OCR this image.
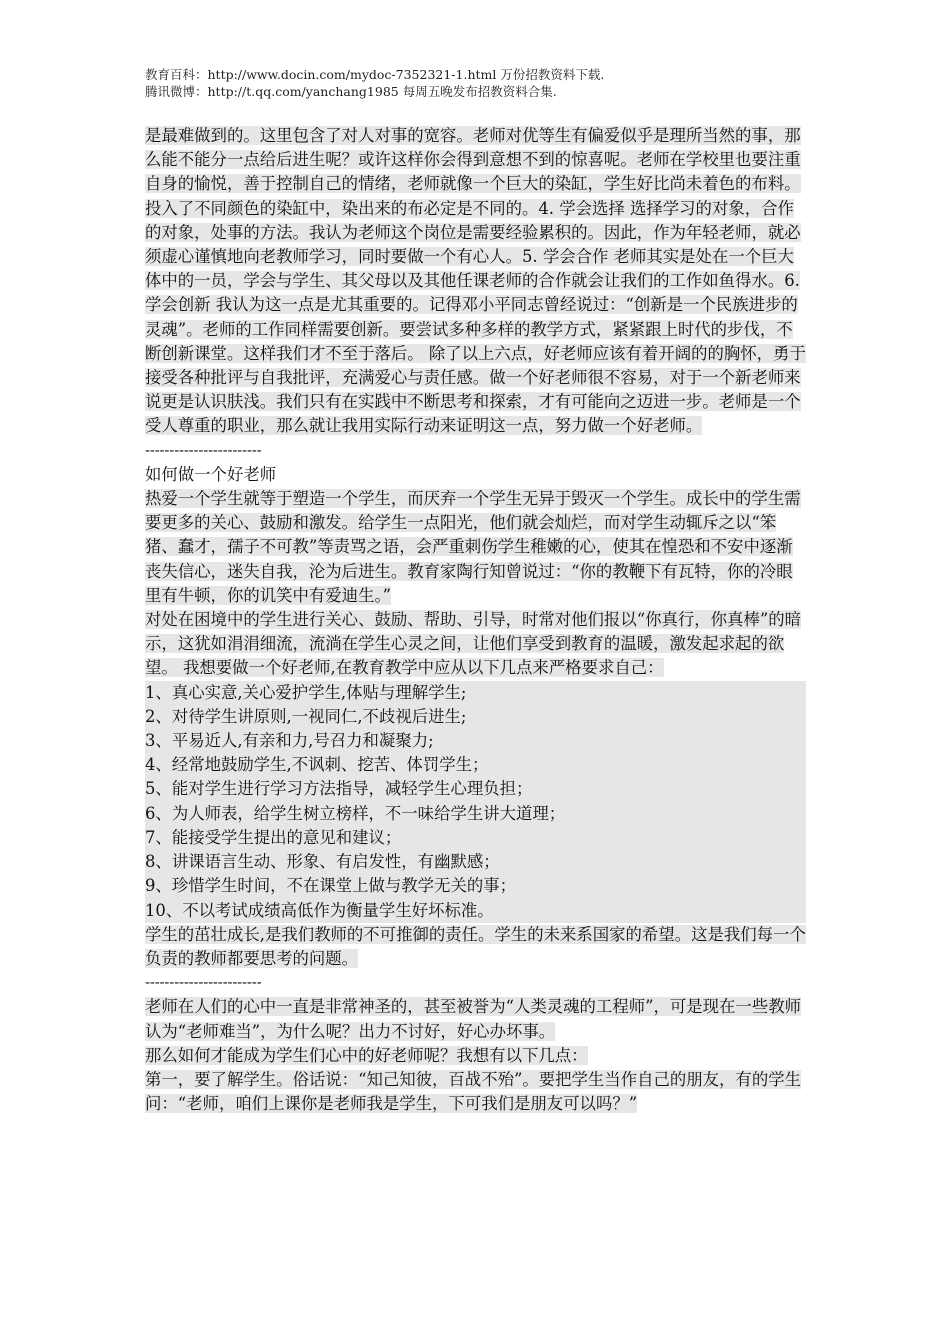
教育百科：http://www.docin.com/mydoc-7352321-1.html 万份招教资料下载.
腾讯微博：http://t.qq.com/yanchang1985 每周五晚发布招教资料合集.

是最难做到的。这里包含了对人对事的宽容。老师对优等生有偏爱似乎是理所当然的事，那么能不能分一点给后进生呢？或许这样你会得到意想不到的惊喜呢。老师在学校里也要注重自身的愉悦，善于控制自己的情绪，老师就像一个巨大的染缸，学生好比尚未着色的布料。投入了不同颜色的染缸中，染出来的布必定是不同的。4. 学会选择 选择学习的对象，合作的对象，处事的方法。我认为老师这个岗位是需要经验累积的。因此，作为年轻老师，就必须虚心谨慎地向老教师学习，同时要做一个有心人。5. 学会合作 老师其实是处在一个巨大体中的一员，学会与学生、其父母以及其他任课老师的合作就会让我们的工作如鱼得水。6. 学会创新 我认为这一点是尤其重要的。记得邓小平同志曾经说过：“创新是一个民族进步的灵魂”。老师的工作同样需要创新。要尝试多种多样的教学方式，紧紧跟上时代的步伐，不断创新课堂。这样我们才不至于落后。 除了以上六点，好老师应该有着开阔的的胸怀，勇于接受各种批评与自我批评，充满爱心与责任感。做一个好老师很不容易，对于一个新老师来说更是认识肤浅。我们只有在实践中不断思考和探索，才有可能向之迈进一步。老师是一个受人尊重的职业，那么就让我用实际行动来证明这一点，努力做一个好老师。

------------------------
如何做一个好老师

热爱一个学生就等于塑造一个学生，而厌弃一个学生无异于毁灭一个学生。成长中的学生需要更多的关心、鼓励和激发。给学生一点阳光，他们就会灿烂，而对学生动辄斥之以“笨猪、蠢才，孺子不可教”等责骂之语，会严重刺伤学生稚嫩的心，使其在惶恐和不安中逐渐丧失信心，迷失自我，沦为后进生。教育家陶行知曾说过：“你的教鞭下有瓦特，你的冷眼里有牛顿，你的讥笑中有爱迪生。”

对处在困境中的学生进行关心、鼓励、帮助、引导，时常对他们报以“你真行，你真棒”的暗示，这犹如涓涓细流，流淌在学生心灵之间，让他们享受到教育的温暖，激发起求起的欲望。 我想要做一个好老师,在教育教学中应从以下几点来严格要求自己：

1、真心实意,关心爱护学生,体贴与理解学生;
2、对待学生讲原则,一视同仁,不歧视后进生;
3、平易近人,有亲和力,号召力和凝聚力;
4、经常地鼓励学生,不讽刺、挖苦、体罚学生；
5、能对学生进行学习方法指导，减轻学生心理负担；
6、为人师表，给学生树立榜样，不一味给学生讲大道理；
7、能接受学生提出的意见和建议；
8、讲课语言生动、形象、有启发性，有幽默感；
9、珍惜学生时间，不在课堂上做与教学无关的事；
10、不以考试成绩高低作为衡量学生好坏标准。

学生的茁壮成长,是我们教师的不可推御的责任。学生的未来系国家的希望。这是我们每一个负责的教师都要思考的问题。

------------------------

老师在人们的心中一直是非常神圣的，甚至被誉为“人类灵魂的工程师”，可是现在一些教师认为“老师难当”，为什么呢？出力不讨好，好心办坏事。

那么如何才能成为学生们心中的好老师呢？我想有以下几点：

第一，要了解学生。俗话说：“知己知彼，百战不殆”。要把学生当作自己的朋友，有的学生问：“老师，咱们上课你是老师我是学生，下可我们是朋友可以吗？”
